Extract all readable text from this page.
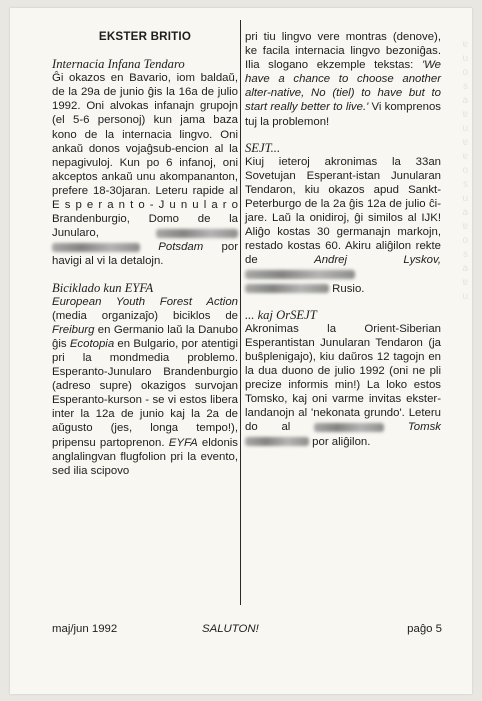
ɐ
u
o
s
a
ɐ
u
ɐ
ɐ
o
s
u
a
ɐ
o
s
a
ɐ
u
EKSTER BRITIO
Internacia Infana Tendaro

Ĝi okazos en Bavario, iom baldaŭ, de la 29a de junio ĝis la 16a de julio 1992. Oni alvokas infanajn grupojn (el 5-6 personoj) kun jama baza kono de la internacia lingvo. Oni ankaŭ donos vojaĝsub-encion al la nepagivuloj. Kun po 6 infanoj, oni akceptos ankaŭ unu akompananton, prefere 18-30jaran. Leteru rapide al E s p e r a n t o - J u n u l a r o Brandenburgio, Domo de la Junularo,   Potsdam por havigi al vi la detalojn.

Biciklado kun EYFA

European Youth Forest Action (media organizaĵo) biciklos de Freiburg en Germanio laŭ la Danubo ĝis Ecotopia en Bulgario, por atentigi pri la mondmedia problemo. Esperanto-Junularo Brandenburgio (adreso supre) okazigos survojan Esperanto-kurson - se vi estos libera inter la 12a de junio kaj la 2a de aŭgusto (jes, longa tempo!), pripensu partoprenon. EYFA eldonis anglalingvan flugfolion pri la evento, sed ilia scipovo

pri tiu lingvo vere montras (denove), ke facila internacia lingvo bezoniĝas. Ilia slogano ekzemple tekstas: 'We have a chance to choose another alter-native, No (tiel) to have but to start really better to live.' Vi komprenos tuj la problemon!

SEJT...

Kiuj ieteroj akronimas la 33an Sovetujan Esperant-istan Junularan Tendaron, kiu okazos apud Sankt-Peterburgo de la 2a ĝis 12a de julio ĉi-jare. Laŭ la onidiroj, ĝi similos al IJK! Aliĝo kostas 30 germanajn markojn, restado kostas 60. Akiru aliĝilon rekte de Andrej Lyskov,   Rusio.

... kaj OrSEJT

Akronimas la Orient-Siberian Esperantistan Junularan Tendaron (ja buŝplenigajo), kiu daŭros 12 tagojn en la dua duono de julio 1992 (oni ne pli precize informis min!) La loko estos Tomsko, kaj oni varme invitas ekster-landanojn al 'nekonata grundo'. Leteru do al	Tomsk  por aliĝilon.

maj/jun 1992	SALUTON!	paĝo 5
